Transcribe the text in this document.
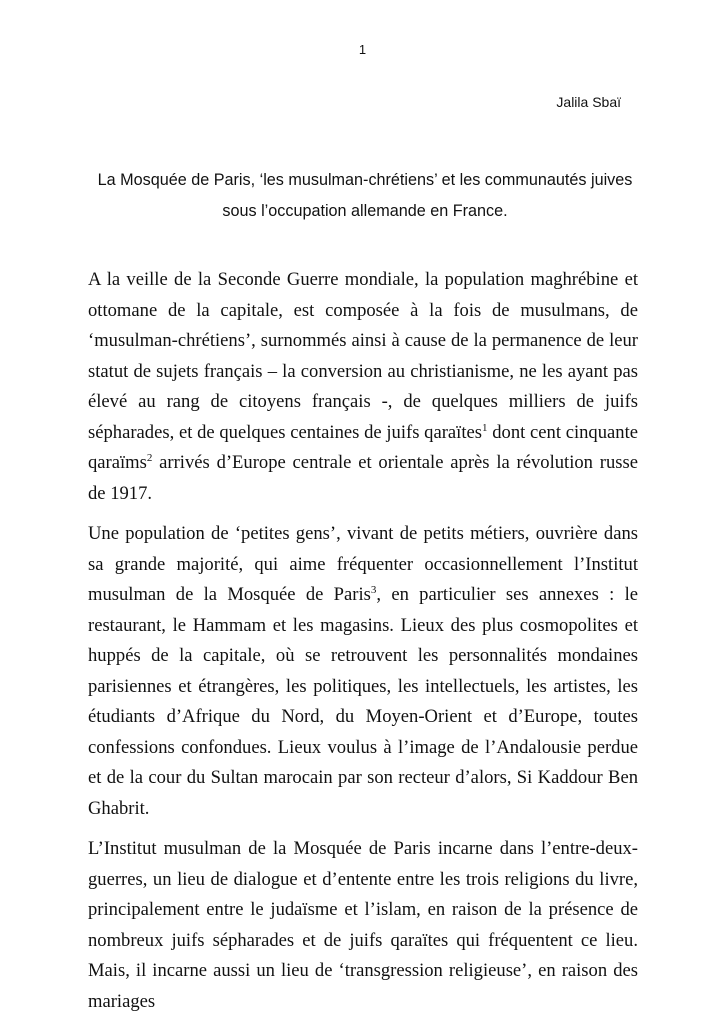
1
Jalila Sbaï
La Mosquée de Paris, ‘les musulman-chrétiens’ et les communautés juives sous l’occupation allemande en France.

A la veille de la Seconde Guerre mondiale, la population maghrébine et ottomane de la capitale, est composée à la fois de musulmans, de ‘musulman-chrétiens’, surnommés ainsi à cause de la permanence de leur statut de sujets français – la conversion au christianisme, ne les ayant pas élevé au rang de citoyens français -, de quelques milliers de juifs sépharades, et de quelques centaines de juifs qaraïtes$^1$ dont cent cinquante qaraïms$^2$ arrivés d’Europe centrale et orientale après la révolution russe de 1917.

Une population de ‘petites gens’, vivant de petits métiers, ouvrière dans sa grande majorité, qui aime fréquenter occasionnellement l’Institut musulman de la Mosquée de Paris$^3$, en particulier ses annexes : le restaurant, le Hammam et les magasins. Lieux des plus cosmopolites et huppés de la capitale, où se retrouvent les personnalités mondaines parisiennes et étrangères, les politiques, les intellectuels, les artistes, les étudiants d’Afrique du Nord, du Moyen-Orient et d’Europe, toutes confessions confondues. Lieux voulus à l’image de l’Andalousie perdue et de la cour du Sultan marocain par son recteur d’alors, Si Kaddour Ben Ghabrit.

L’Institut musulman de la Mosquée de Paris incarne dans l’entre-deux-guerres, un lieu de dialogue et d’entente entre les trois religions du livre, principalement entre le judaïsme et l’islam, en raison de la présence de nombreux juifs sépharades et de juifs qaraïtes qui fréquentent ce lieu. Mais, il incarne aussi un lieu de ‘transgression religieuse’, en raison des mariages
